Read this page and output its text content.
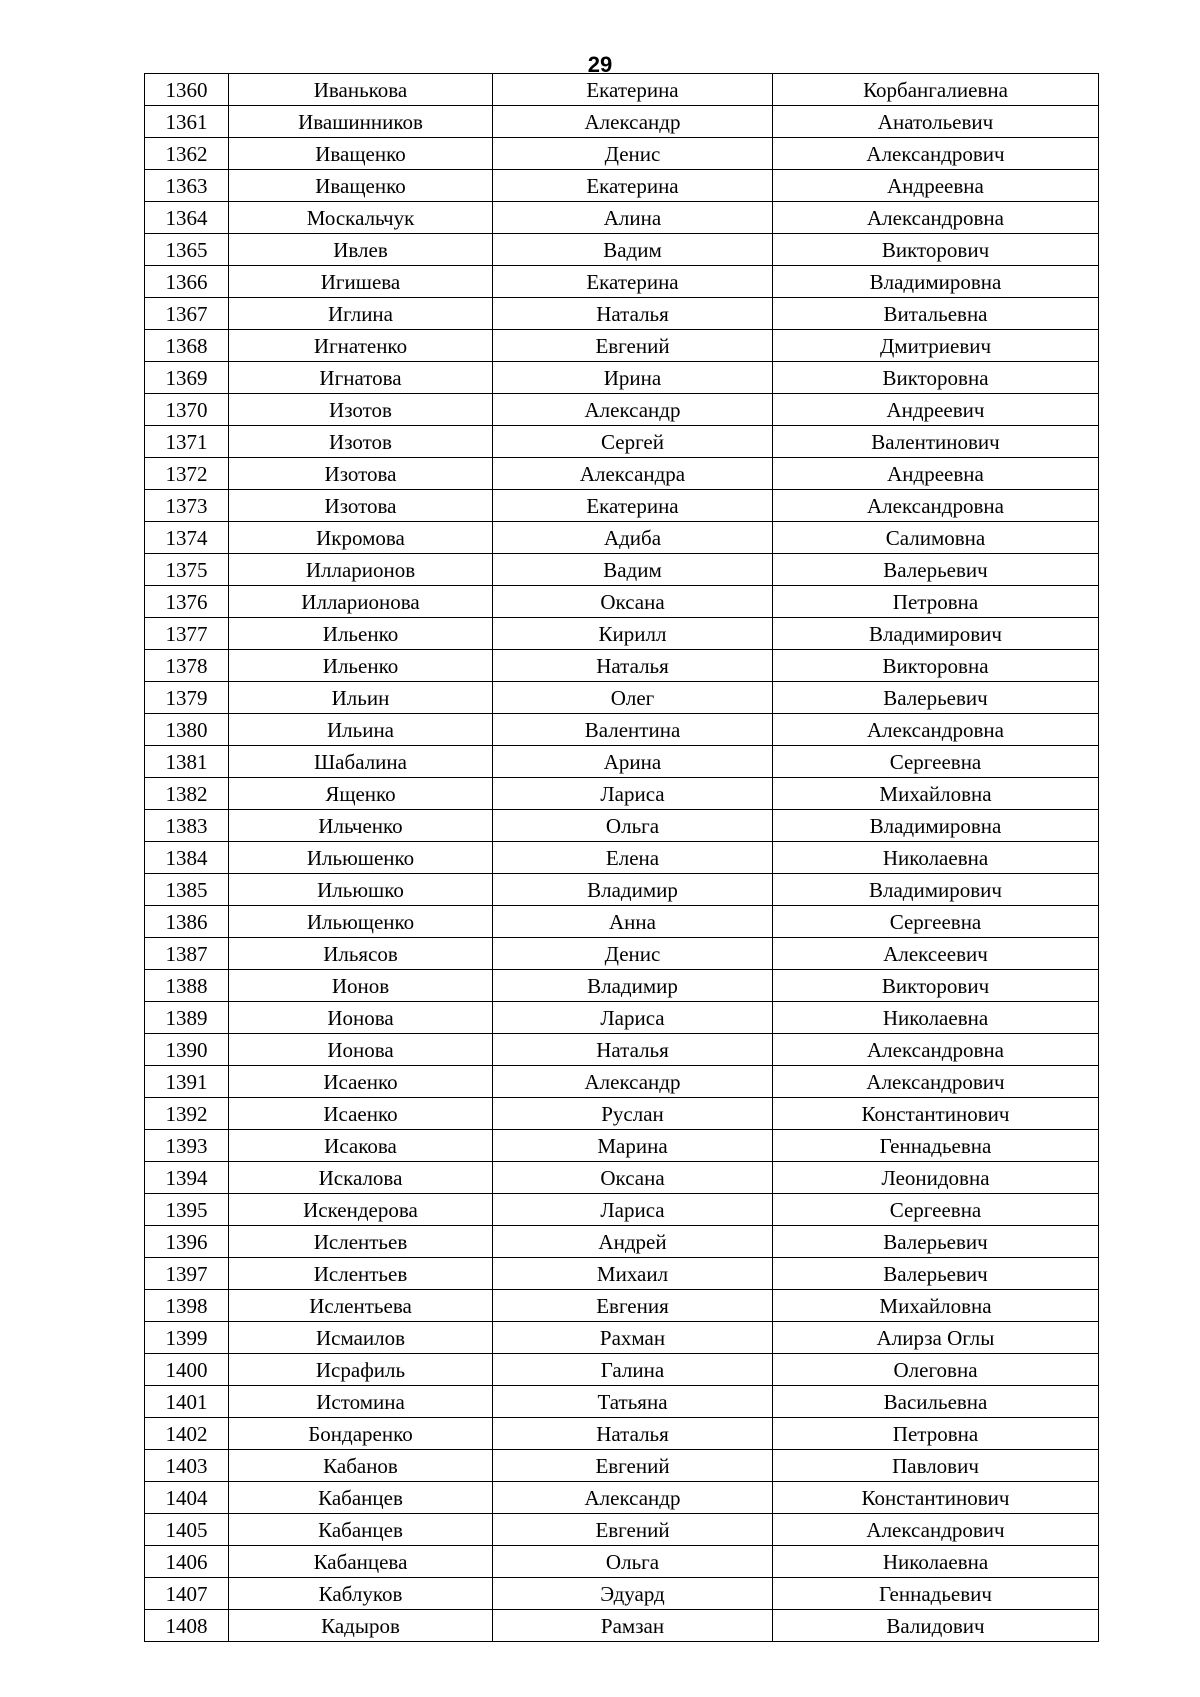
29
1360	Иванькова	Екатерина	Корбангалиевна
1361	Ивашинников	Александр	Анатольевич
1362	Иващенко	Денис	Александрович
1363	Иващенко	Екатерина	Андреевна
1364	Москальчук	Алина	Александровна
1365	Ивлев	Вадим	Викторович
1366	Игишева	Екатерина	Владимировна
1367	Иглина	Наталья	Витальевна
1368	Игнатенко	Евгений	Дмитриевич
1369	Игнатова	Ирина	Викторовна
1370	Изотов	Александр	Андреевич
1371	Изотов	Сергей	Валентинович
1372	Изотова	Александра	Андреевна
1373	Изотова	Екатерина	Александровна
1374	Икромова	Адиба	Салимовна
1375	Илларионов	Вадим	Валерьевич
1376	Илларионова	Оксана	Петровна
1377	Ильенко	Кирилл	Владимирович
1378	Ильенко	Наталья	Викторовна
1379	Ильин	Олег	Валерьевич
1380	Ильина	Валентина	Александровна
1381	Шабалина	Арина	Сергеевна
1382	Ященко	Лариса	Михайловна
1383	Ильченко	Ольга	Владимировна
1384	Ильюшенко	Елена	Николаевна
1385	Ильюшко	Владимир	Владимирович
1386	Ильющенко	Анна	Сергеевна
1387	Ильясов	Денис	Алексеевич
1388	Ионов	Владимир	Викторович
1389	Ионова	Лариса	Николаевна
1390	Ионова	Наталья	Александровна
1391	Исаенко	Александр	Александрович
1392	Исаенко	Руслан	Константинович
1393	Исакова	Марина	Геннадьевна
1394	Искалова	Оксана	Леонидовна
1395	Искендерова	Лариса	Сергеевна
1396	Ислентьев	Андрей	Валерьевич
1397	Ислентьев	Михаил	Валерьевич
1398	Ислентьева	Евгения	Михайловна
1399	Исмаилов	Рахман	Алирза Оглы
1400	Исрафиль	Галина	Олеговна
1401	Истомина	Татьяна	Васильевна
1402	Бондаренко	Наталья	Петровна
1403	Кабанов	Евгений	Павлович
1404	Кабанцев	Александр	Константинович
1405	Кабанцев	Евгений	Александрович
1406	Кабанцева	Ольга	Николаевна
1407	Каблуков	Эдуард	Геннадьевич
1408	Кадыров	Рамзан	Валидович
